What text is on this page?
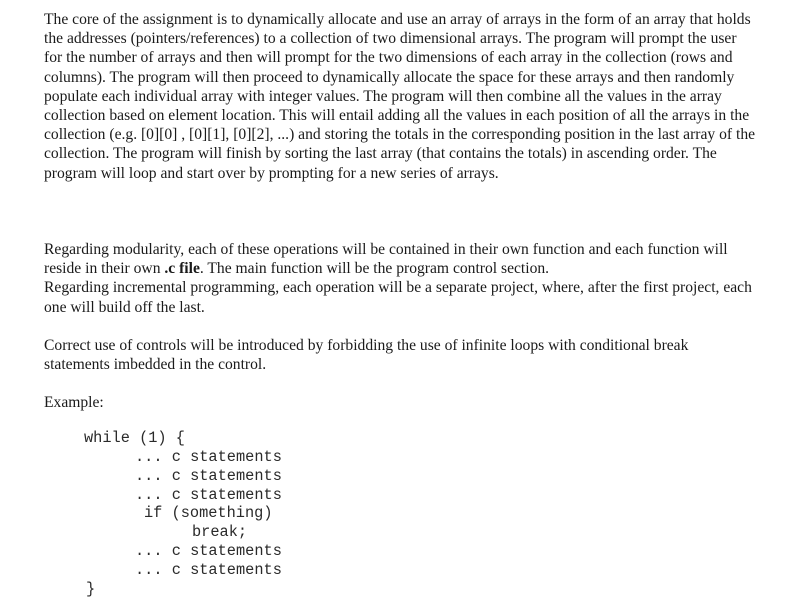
The core of the assignment is to dynamically allocate and use an array of arrays in the form of an array that holds the addresses (pointers/references) to a collection of two dimensional arrays. The program will prompt the user for the number of arrays and then will prompt for the two dimensions of each array in the collection (rows and columns). The program will then proceed to dynamically allocate the space for these arrays and then randomly populate each individual array with integer values. The program will then combine all the values in the array collection based on element location. This will entail adding all the values in each position of all the arrays in the collection (e.g. [0][0] , [0][1], [0][2], ...) and storing the totals in the corresponding position in the last array of the collection. The program will finish by sorting the last array (that contains the totals) in ascending order. The program will loop and start over by prompting for a new series of arrays.

Regarding modularity, each of these operations will be contained in their own function and each function will reside in their own .c file. The main function will be the program control section.
Regarding incremental programming, each operation will be a separate project, where, after the first project, each one will build off the last.

Correct use of controls will be introduced by forbidding the use of infinite loops with conditional break statements imbedded in the control.

Example:

while (1) {
... c statements
... c statements
... c statements
if (something)
break;
... c statements
... c statements
}
